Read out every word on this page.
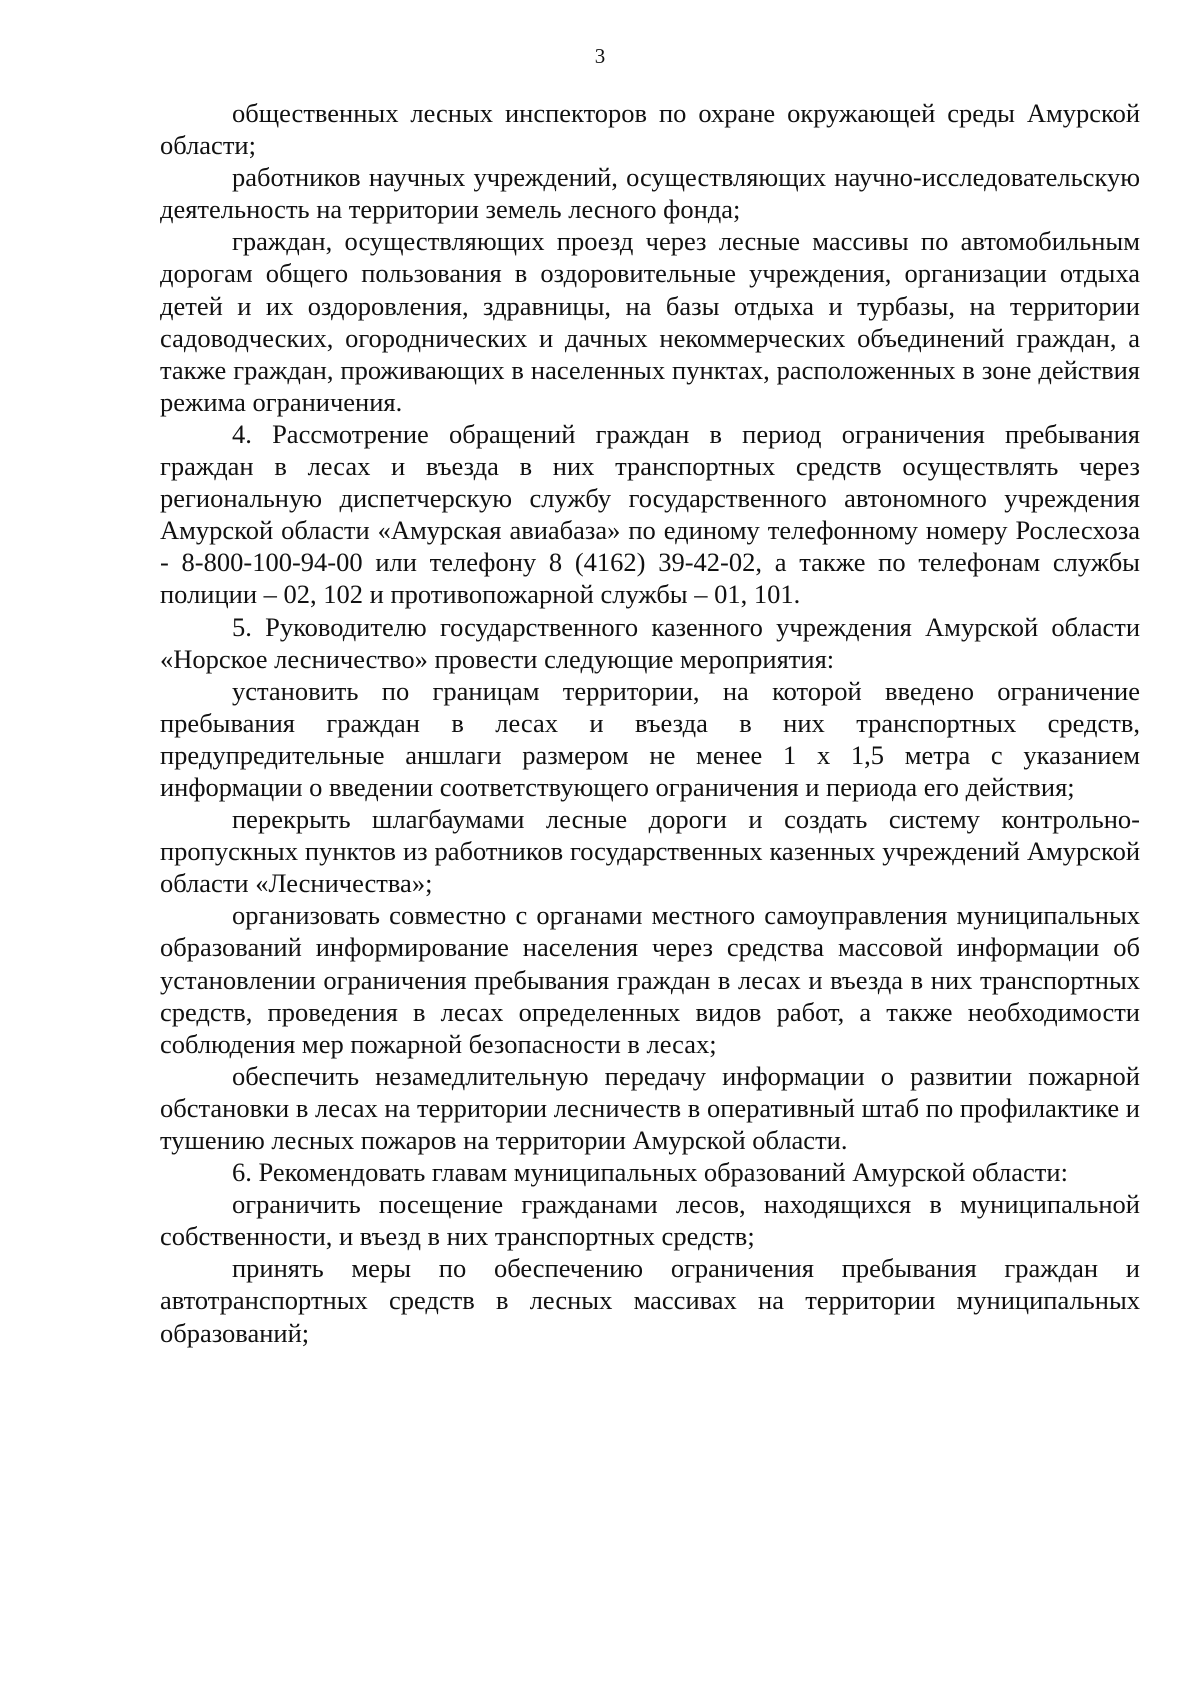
3

общественных лесных инспекторов по охране окружающей среды Амурской области;

работников научных учреждений, осуществляющих научно-исследовательскую деятельность на территории земель лесного фонда;

граждан, осуществляющих проезд через лесные массивы по автомобильным дорогам общего пользования в оздоровительные учреждения, организации отдыха детей и их оздоровления, здравницы, на базы отдыха и турбазы, на территории садоводческих, огороднических и дачных некоммерческих объединений граждан, а также граждан, проживающих в населенных пунктах, расположенных в зоне действия режима ограничения.

4. Рассмотрение обращений граждан в период ограничения пребывания граждан в лесах и въезда в них транспортных средств осуществлять через региональную диспетчерскую службу государственного автономного учреждения Амурской области «Амурская авиабаза» по единому телефонному номеру Рослесхоза - 8-800-100-94-00 или телефону 8 (4162) 39-42-02, а также по телефонам службы полиции – 02, 102 и противопожарной службы – 01, 101.

5. Руководителю государственного казенного учреждения Амурской области «Норское лесничество» провести следующие мероприятия:

установить по границам территории, на которой введено ограничение пребывания граждан в лесах и въезда в них транспортных средств, предупредительные аншлаги размером не менее 1 х 1,5 метра с указанием информации о введении соответствующего ограничения и периода его действия;

перекрыть шлагбаумами лесные дороги и создать систему контрольно-пропускных пунктов из работников государственных казенных учреждений Амурской области «Лесничества»;

организовать совместно с органами местного самоуправления муниципальных образований информирование населения через средства массовой информации об установлении ограничения пребывания граждан в лесах и въезда в них транспортных средств, проведения в лесах определенных видов работ, а также необходимости соблюдения мер пожарной безопасности в лесах;

обеспечить незамедлительную передачу информации о развитии пожарной обстановки в лесах на территории лесничеств в оперативный штаб по профилактике и тушению лесных пожаров на территории Амурской области.

6. Рекомендовать главам муниципальных образований Амурской области:

ограничить посещение гражданами лесов, находящихся в муниципальной собственности, и въезд в них транспортных средств;

принять меры по обеспечению ограничения пребывания граждан и автотранспортных средств в лесных массивах на территории муниципальных образований;
